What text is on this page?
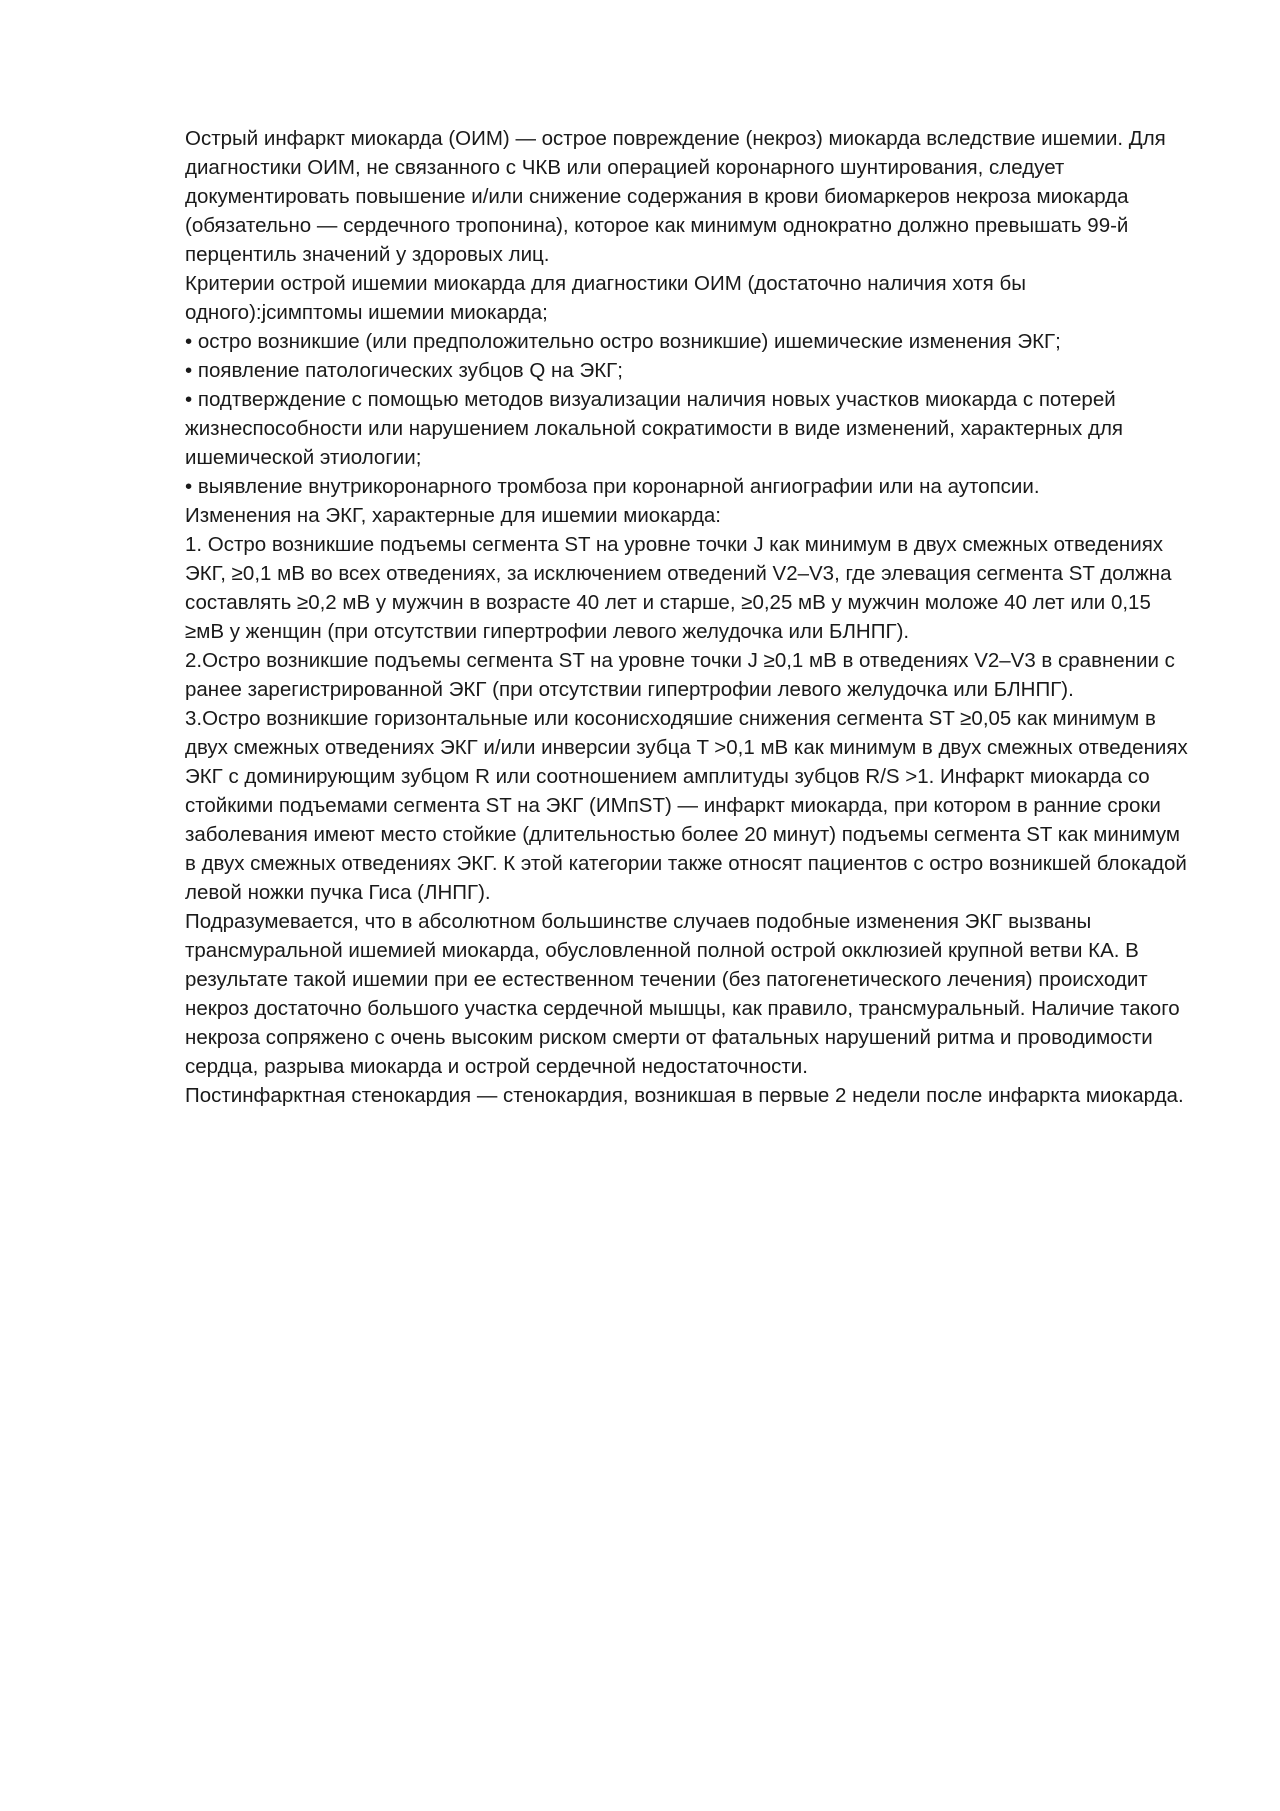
Острый инфаркт миокарда (ОИМ) — острое повреждение (некроз) миокарда вследствие ишемии. Для диагностики ОИМ, не связанного с ЧКВ или операцией коронарного шунтирования, следует документировать повышение и/или снижение содержания в крови биомаркеров некроза миокарда (обязательно — сердечного тропонина), которое как минимум однократно должно превышать 99-й перцентиль значений у здоровых лиц.

Критерии острой ишемии миокарда для диагностики ОИМ (достаточно наличия хотя бы одного):jсимптомы ишемии миокарда;

• остро возникшие (или предположительно остро возникшие) ишемические изменения ЭКГ;

• появление патологических зубцов Q на ЭКГ;

• подтверждение с помощью методов визуализации наличия новых участков миокарда с потерей жизнеспособности или нарушением локальной сократимости в виде изменений, характерных для ишемической этиологии;

• выявление внутрикоронарного тромбоза при коронарной ангиографии или на аутопсии.

Изменения на ЭКГ, характерные для ишемии миокарда:

1. Остро возникшие подъемы сегмента ST на уровне точки J как минимум в двух смежных отведениях ЭКГ, ≥0,1 мВ во всех отведениях, за исключением отведений V2–V3, где элевация сегмента ST должна составлять ≥0,2 мВ у мужчин в возрасте 40 лет и старше, ≥0,25 мВ у мужчин моложе 40 лет или 0,15 ≥мВ у женщин (при отсутствии гипертрофии левого желудочка или БЛНПГ).

2.Остро возникшие подъемы сегмента ST на уровне точки J ≥0,1 мВ в отведениях V2–V3 в сравнении с ранее зарегистрированной ЭКГ (при отсутствии гипертрофии левого желудочка или БЛНПГ).

3.Остро возникшие горизонтальные или косонисходяшие снижения сегмента ST ≥0,05 как минимум в двух смежных отведениях ЭКГ и/или инверсии зубца T >0,1 мВ как минимум в двух смежных отведениях ЭКГ с доминирующим зубцом R или соотношением амплитуды зубцов R/S >1. Инфаркт миокарда со стойкими подъемами сегмента ST на ЭКГ (ИМпST) — инфаркт миокарда, при котором в ранние сроки заболевания имеют место стойкие (длительностью более 20 минут) подъемы сегмента ST как минимум в двух смежных отведениях ЭКГ. К этой категории также относят пациентов с остро возникшей блокадой левой ножки пучка Гиса (ЛНПГ).

Подразумевается, что в абсолютном большинстве случаев подобные изменения ЭКГ вызваны трансмуральной ишемией миокарда, обусловленной полной острой окклюзией крупной ветви КА. В результате такой ишемии при ее естественном течении (без патогенетического лечения) происходит некроз достаточно большого участка сердечной мышцы, как правило, трансмуральный. Наличие такого некроза сопряжено с очень высоким риском смерти от фатальных нарушений ритма и проводимости сердца, разрыва миокарда и острой сердечной недостаточности.

Постинфарктная стенокардия — стенокардия, возникшая в первые 2 недели после инфаркта миокарда.
